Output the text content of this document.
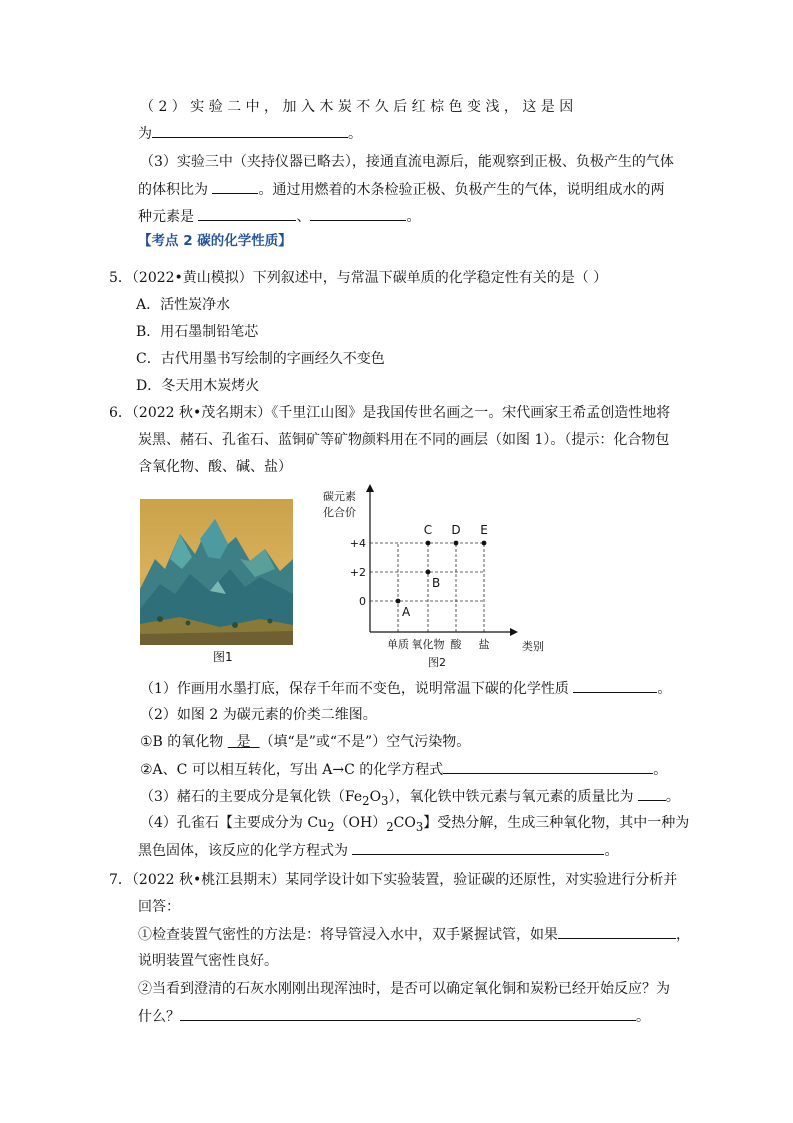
（ 2 ） 实 验 二 中 ， 加 入 木 炭 不 久 后 红 棕 色 变 浅 ， 这 是 因
为	。
（3）实验三中（夹持仪器已略去），接通直流电源后，能观察到正极、负极产生的气体
的体积比为	。通过用燃着的木条检验正极、负极产生的气体，说明组成水的两
种元素是	、	。
【考点 2 碳的化学性质】
5．（2022•黄山模拟）下列叙述中，与常温下碳单质的化学稳定性有关的是（ ）
A．活性炭净水
B．用石墨制铅笔芯
C．古代用墨书写绘制的字画经久不变色
D．冬天用木炭烤火
6．（2022 秋•茂名期末）《千里江山图》是我国传世名画之一。宋代画家王希孟创造性地将
炭黑、赭石、孔雀石、蓝铜矿等矿物颜料用在不同的画层（如图 1）。（提示：化合物包
含氧化物、酸、碱、盐）
图1
碳元素
化合价
0
+2
+4
单质 氧化物 酸 盐
A
B
C D E
类别
图2
（1）作画用水墨打底，保存千年而不变色，说明常温下碳的化学性质	。
（2）如图 2 为碳元素的价类二维图。
①B 的氧化物 是 （填“是”或“不是”）空气污染物。
②A、C 可以相互转化，写出 A→C 的化学方程式	。
（3）赭石的主要成分是氧化铁$(Fe_2O_3)$，氧化铁中铁元素与氧元素的质量比为 。
（4）孔雀石【主要成分为 $Cu_2(OH)_2CO_3$】受热分解，生成三种氧化物，其中一种为
黑色固体，该反应的化学方程式为	。
7．（2022 秋•桃江县期末）某同学设计如下实验装置，验证碳的还原性，对实验进行分析并
回答：
①检查装置气密性的方法是：将导管浸入水中，双手紧握试管，如果	，
说明装置气密性良好。
②当看到澄清的石灰水刚刚出现浑浊时，是否可以确定氧化铜和炭粉已经开始反应？为
什么？	。
